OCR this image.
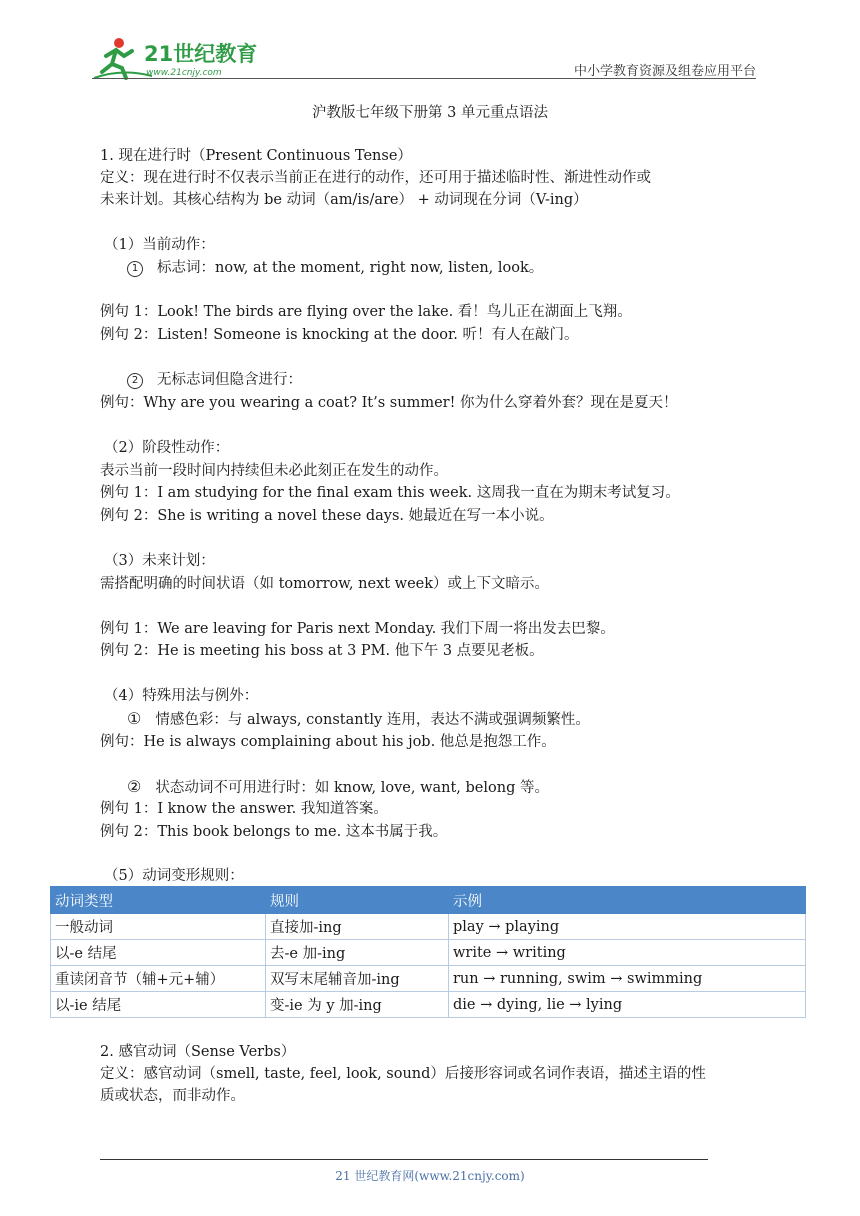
21世纪教育
www.21cnjy.com	中小学教育资源及组卷应用平台
沪教版七年级下册第 3 单元重点语法
1. 现在进行时（Present Continuous Tense）
定义：现在进行时不仅表示当前正在进行的动作，还可用于描述临时性、渐进性动作或
未来计划。其核心结构为 be 动词（am/is/are） + 动词现在分词（V-ing）
（1）当前动作：
1 标志词：now, at the moment, right now, listen, look。
例句 1：Look! The birds are flying over the lake. 看！鸟儿正在湖面上飞翔。
例句 2：Listen! Someone is knocking at the door. 听！有人在敲门。
2 无标志词但隐含进行：
例句：Why are you wearing a coat? It’s summer! 你为什么穿着外套？现在是夏天！
（2）阶段性动作：
表示当前一段时间内持续但未必此刻正在发生的动作。
例句 1：I am studying for the final exam this week. 这周我一直在为期末考试复习。
例句 2：She is writing a novel these days. 她最近在写一本小说。
（3）未来计划：
需搭配明确的时间状语（如 tomorrow, next week）或上下文暗示。
例句 1：We are leaving for Paris next Monday. 我们下周一将出发去巴黎。
例句 2：He is meeting his boss at 3 PM. 他下午 3 点要见老板。
（4）特殊用法与例外：
① 情感色彩：与 always, constantly 连用，表达不满或强调频繁性。
例句：He is always complaining about his job. 他总是抱怨工作。
② 状态动词不可用进行时：如 know, love, want, belong 等。
例句 1：I know the answer. 我知道答案。
例句 2：This book belongs to me. 这本书属于我。
（5）动词变形规则：
动词类型	规则	示例
一般动词	直接加-ing	play → playing
以-e 结尾	去-e 加-ing	write → writing
重读闭音节（辅+元+辅）	双写末尾辅音加-ing	run → running, swim → swimming
以-ie 结尾	变-ie 为 y 加-ing	die → dying, lie → lying
2. 感官动词（Sense Verbs）
定义：感官动词（smell, taste, feel, look, sound）后接形容词或名词作表语，描述主语的性
质或状态，而非动作。
21 世纪教育网(www.21cnjy.com)
